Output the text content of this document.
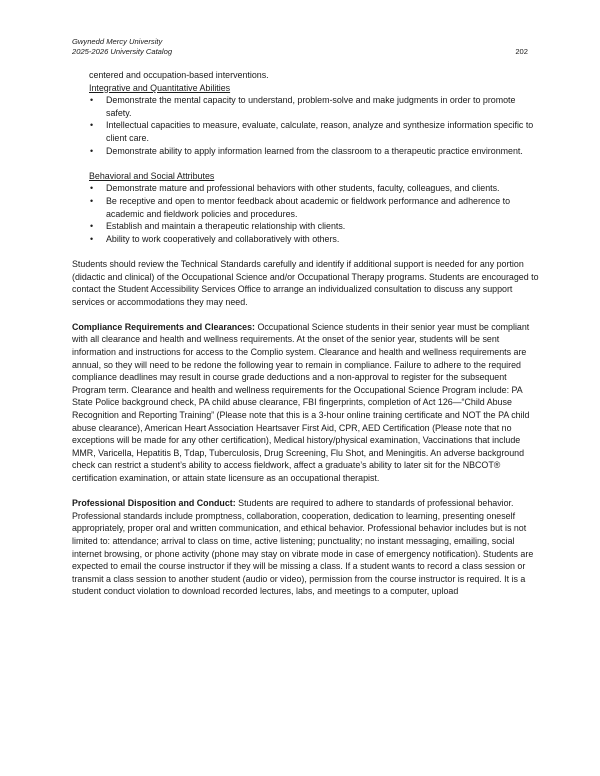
Gwynedd Mercy University
2025-2026 University Catalog	202

centered and occupation-based interventions.

Integrative and Quantitative Abilities

• Demonstrate the mental capacity to understand, problem-solve and make judgments in order to promote safety.
• Intellectual capacities to measure, evaluate, calculate, reason, analyze and synthesize information specific to client care.
• Demonstrate ability to apply information learned from the classroom to a therapeutic practice environment.

Behavioral and Social Attributes

• Demonstrate mature and professional behaviors with other students, faculty, colleagues, and clients.
• Be receptive and open to mentor feedback about academic or fieldwork performance and adherence to academic and fieldwork policies and procedures.
• Establish and maintain a therapeutic relationship with clients.
• Ability to work cooperatively and collaboratively with others.

Students should review the Technical Standards carefully and identify if additional support is needed for any portion (didactic and clinical) of the Occupational Science and/or Occupational Therapy programs. Students are encouraged to contact the Student Accessibility Services Office to arrange an individualized consultation to discuss any support services or accommodations they may need.

Compliance Requirements and Clearances: Occupational Science students in their senior year must be compliant with all clearance and health and wellness requirements. At the onset of the senior year, students will be sent information and instructions for access to the Complio system. Clearance and health and wellness requirements are annual, so they will need to be redone the following year to remain in compliance. Failure to adhere to the required compliance deadlines may result in course grade deductions and a non-approval to register for the subsequent Program term. Clearance and health and wellness requirements for the Occupational Science Program include: PA State Police background check, PA child abuse clearance, FBI fingerprints, completion of Act 126—“Child Abuse Recognition and Reporting Training” (Please note that this is a 3-hour online training certificate and NOT the PA child abuse clearance), American Heart Association Heartsaver First Aid, CPR, AED Certification (Please note that no exceptions will be made for any other certification), Medical history/physical examination, Vaccinations that include MMR, Varicella, Hepatitis B, Tdap, Tuberculosis, Drug Screening, Flu Shot, and Meningitis. An adverse background check can restrict a student’s ability to access fieldwork, affect a graduate’s ability to later sit for the NBCOT® certification examination, or attain state licensure as an occupational therapist.

Professional Disposition and Conduct: Students are required to adhere to standards of professional behavior. Professional standards include promptness, collaboration, cooperation, dedication to learning, presenting oneself appropriately, proper oral and written communication, and ethical behavior. Professional behavior includes but is not limited to: attendance; arrival to class on time, active listening; punctuality; no instant messaging, emailing, social internet browsing, or phone activity (phone may stay on vibrate mode in case of emergency notification). Students are expected to email the course instructor if they will be missing a class. If a student wants to record a class session or transmit a class session to another student (audio or video), permission from the course instructor is required. It is a student conduct violation to download recorded lectures, labs, and meetings to a computer, upload
